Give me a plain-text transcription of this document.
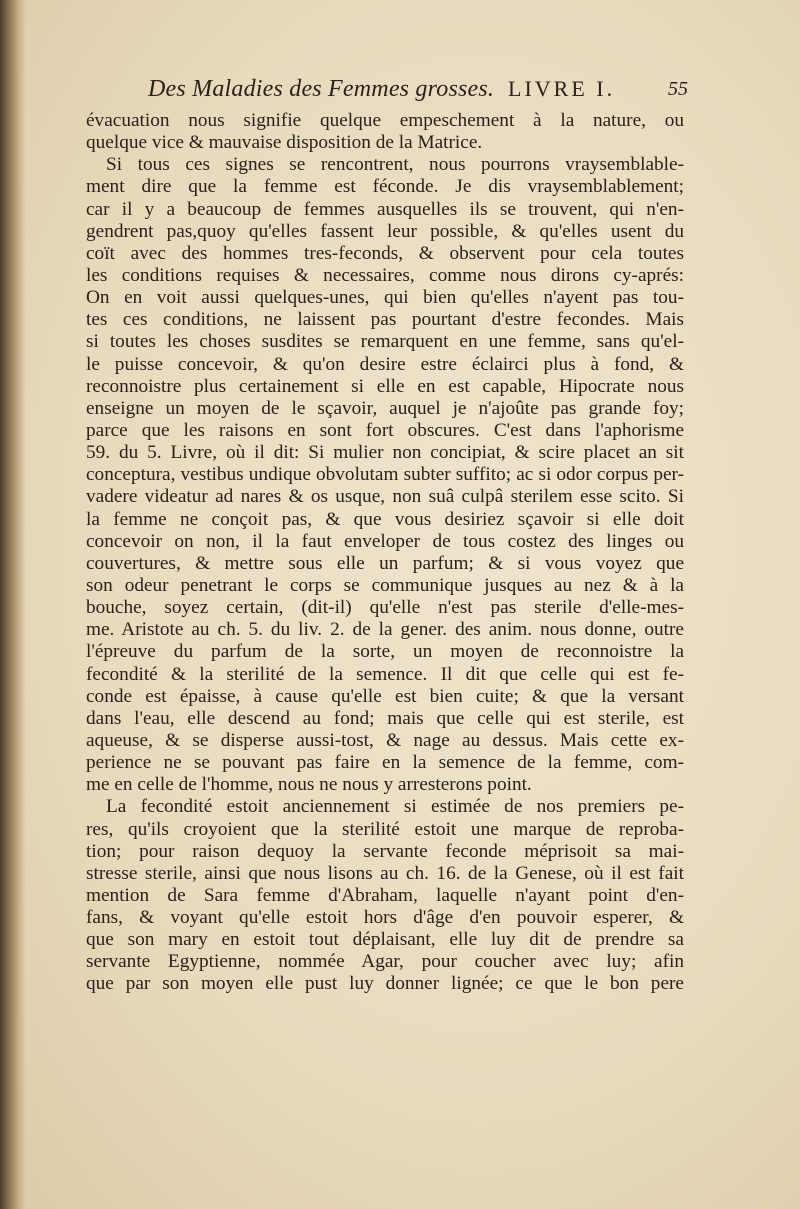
Des Maladies des Femmes grosses. LIVRE I.	55
évacuation nous signifie quelque empeschement à la nature, ou
quelque vice & mauvaise disposition de la Matrice.
Si tous ces signes se rencontrent, nous pourrons vraysemblable-
ment dire que la femme est féconde. Je dis vraysemblablement;
car il y a beaucoup de femmes ausquelles ils se trouvent, qui n'en-
gendrent pas,quoy qu'elles fassent leur possible, & qu'elles usent du
coït avec des hommes tres-feconds, & observent pour cela toutes
les conditions requises & necessaires, comme nous dirons cy-aprés:
On en voit aussi quelques-unes, qui bien qu'elles n'ayent pas tou-
tes ces conditions, ne laissent pas pourtant d'estre fecondes. Mais
si toutes les choses susdites se remarquent en une femme, sans qu'el-
le puisse concevoir, & qu'on desire estre éclairci plus à fond, &
reconnoistre plus certainement si elle en est capable, Hipocrate nous
enseigne un moyen de le sçavoir, auquel je n'ajoûte pas grande foy;
parce que les raisons en sont fort obscures. C'est dans l'aphorisme
59. du 5. Livre, où il dit: Si mulier non concipiat, & scire placet an sit
conceptura, vestibus undique obvolutam subter suffito; ac si odor corpus per-
vadere videatur ad nares & os usque, non suâ culpâ sterilem esse scito. Si
la femme ne conçoit pas, & que vous desiriez sçavoir si elle doit
concevoir on non, il la faut enveloper de tous costez des linges ou
couvertures, & mettre sous elle un parfum; & si vous voyez que
son odeur penetrant le corps se communique jusques au nez & à la
bouche, soyez certain, (dit-il) qu'elle n'est pas sterile d'elle-mes-
me. Aristote au ch. 5. du liv. 2. de la gener. des anim. nous donne, outre
l'épreuve du parfum de la sorte, un moyen de reconnoistre la
fecondité & la sterilité de la semence. Il dit que celle qui est fe-
conde est épaisse, à cause qu'elle est bien cuite; & que la versant
dans l'eau, elle descend au fond; mais que celle qui est sterile, est
aqueuse, & se disperse aussi-tost, & nage au dessus. Mais cette ex-
perience ne se pouvant pas faire en la semence de la femme, com-
me en celle de l'homme, nous ne nous y arresterons point.
La fecondité estoit anciennement si estimée de nos premiers pe-
res, qu'ils croyoient que la sterilité estoit une marque de reproba-
tion; pour raison dequoy la servante feconde méprisoit sa mai-
stresse sterile, ainsi que nous lisons au ch. 16. de la Genese, où il est fait
mention de Sara femme d'Abraham, laquelle n'ayant point d'en-
fans, & voyant qu'elle estoit hors d'âge d'en pouvoir esperer, &
que son mary en estoit tout déplaisant, elle luy dit de prendre sa
servante Egyptienne, nommée Agar, pour coucher avec luy; afin
que par son moyen elle pust luy donner lignée; ce que le bon pere
